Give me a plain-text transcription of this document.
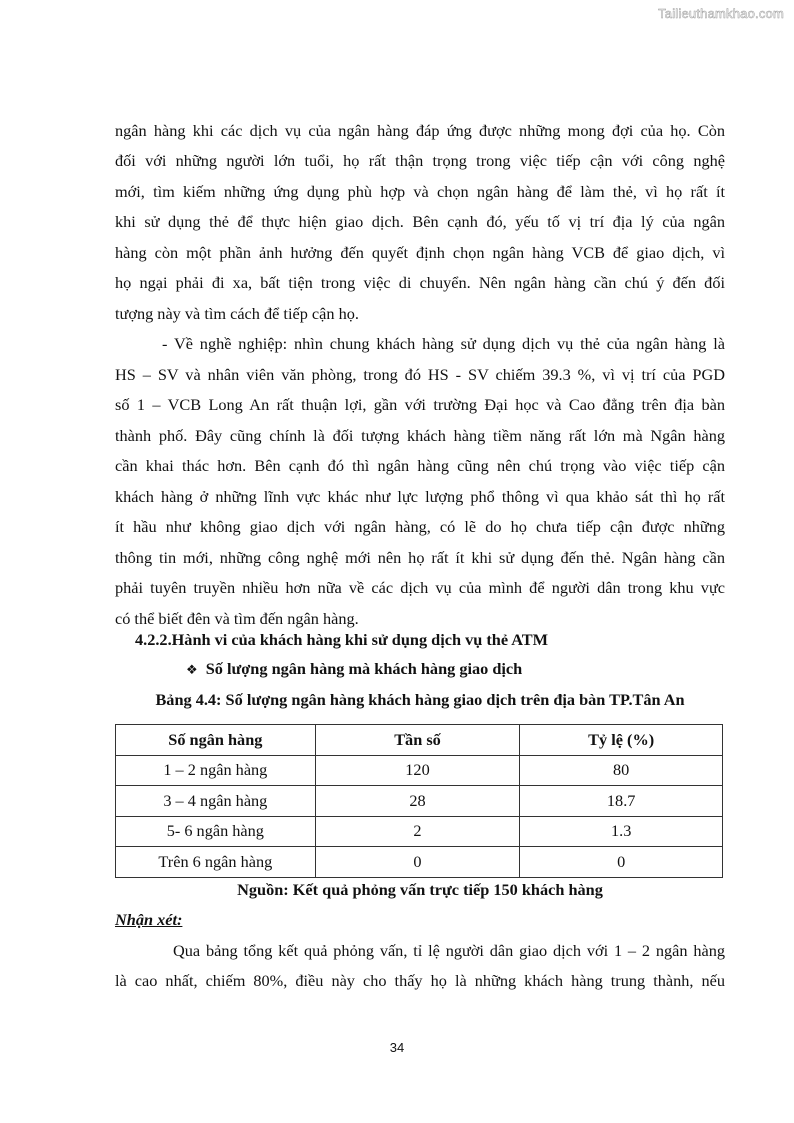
Tailieuthamkhao.com
ngân hàng khi các dịch vụ của ngân hàng đáp ứng được những mong đợi của họ. Còn
đối với những người lớn tuổi, họ rất thận trọng trong việc tiếp cận với công nghệ
mới, tìm kiếm những ứng dụng phù hợp và chọn ngân hàng để làm thẻ, vì họ rất ít
khi sử dụng thẻ để thực hiện giao dịch. Bên cạnh đó, yếu tố vị trí địa lý của ngân
hàng còn một phần ảnh hưởng đến quyết định chọn ngân hàng VCB để giao dịch, vì
họ ngại phải đi xa, bất tiện trong việc di chuyển. Nên ngân hàng cần chú ý đến đối
tượng này và tìm cách để tiếp cận họ.
- Về nghề nghiệp: nhìn chung khách hàng sử dụng dịch vụ thẻ của ngân hàng là
HS – SV và nhân viên văn phòng, trong đó HS - SV chiếm 39.3 %, vì vị trí của PGD
số 1 – VCB Long An rất thuận lợi, gần với trường Đại học và Cao đẳng trên địa bàn
thành phố. Đây cũng chính là đối tượng khách hàng tiềm năng rất lớn mà Ngân hàng
cần khai thác hơn. Bên cạnh đó thì ngân hàng cũng nên chú trọng vào việc tiếp cận
khách hàng ở những lĩnh vực khác như lực lượng phổ thông vì qua khảo sát thì họ rất
ít hầu như không giao dịch với ngân hàng, có lẽ do họ chưa tiếp cận được những
thông tin mới, những công nghệ mới nên họ rất ít khi sử dụng đến thẻ. Ngân hàng cần
phải tuyên truyền nhiều hơn nữa về các dịch vụ của mình để người dân trong khu vực
có thể biết đên và tìm đến ngân hàng.
4.2.2.Hành vi của khách hàng khi sử dụng dịch vụ thẻ ATM
❖ Số lượng ngân hàng mà khách hàng giao dịch
Bảng 4.4: Số lượng ngân hàng khách hàng giao dịch trên địa bàn TP.Tân An
Số ngân hàng	Tần số	Tỷ lệ (%)
1 – 2 ngân hàng	120	80
3 – 4 ngân hàng	28	18.7
5- 6 ngân hàng	2	1.3
Trên 6 ngân hàng	0	0
Nguồn: Kết quả phỏng vấn trực tiếp 150 khách hàng
Nhận xét:
Qua bảng tổng kết quả phỏng vấn, tỉ lệ người dân giao dịch với 1 – 2 ngân hàng
là cao nhất, chiếm 80%, điều này cho thấy họ là những khách hàng trung thành, nếu
34
